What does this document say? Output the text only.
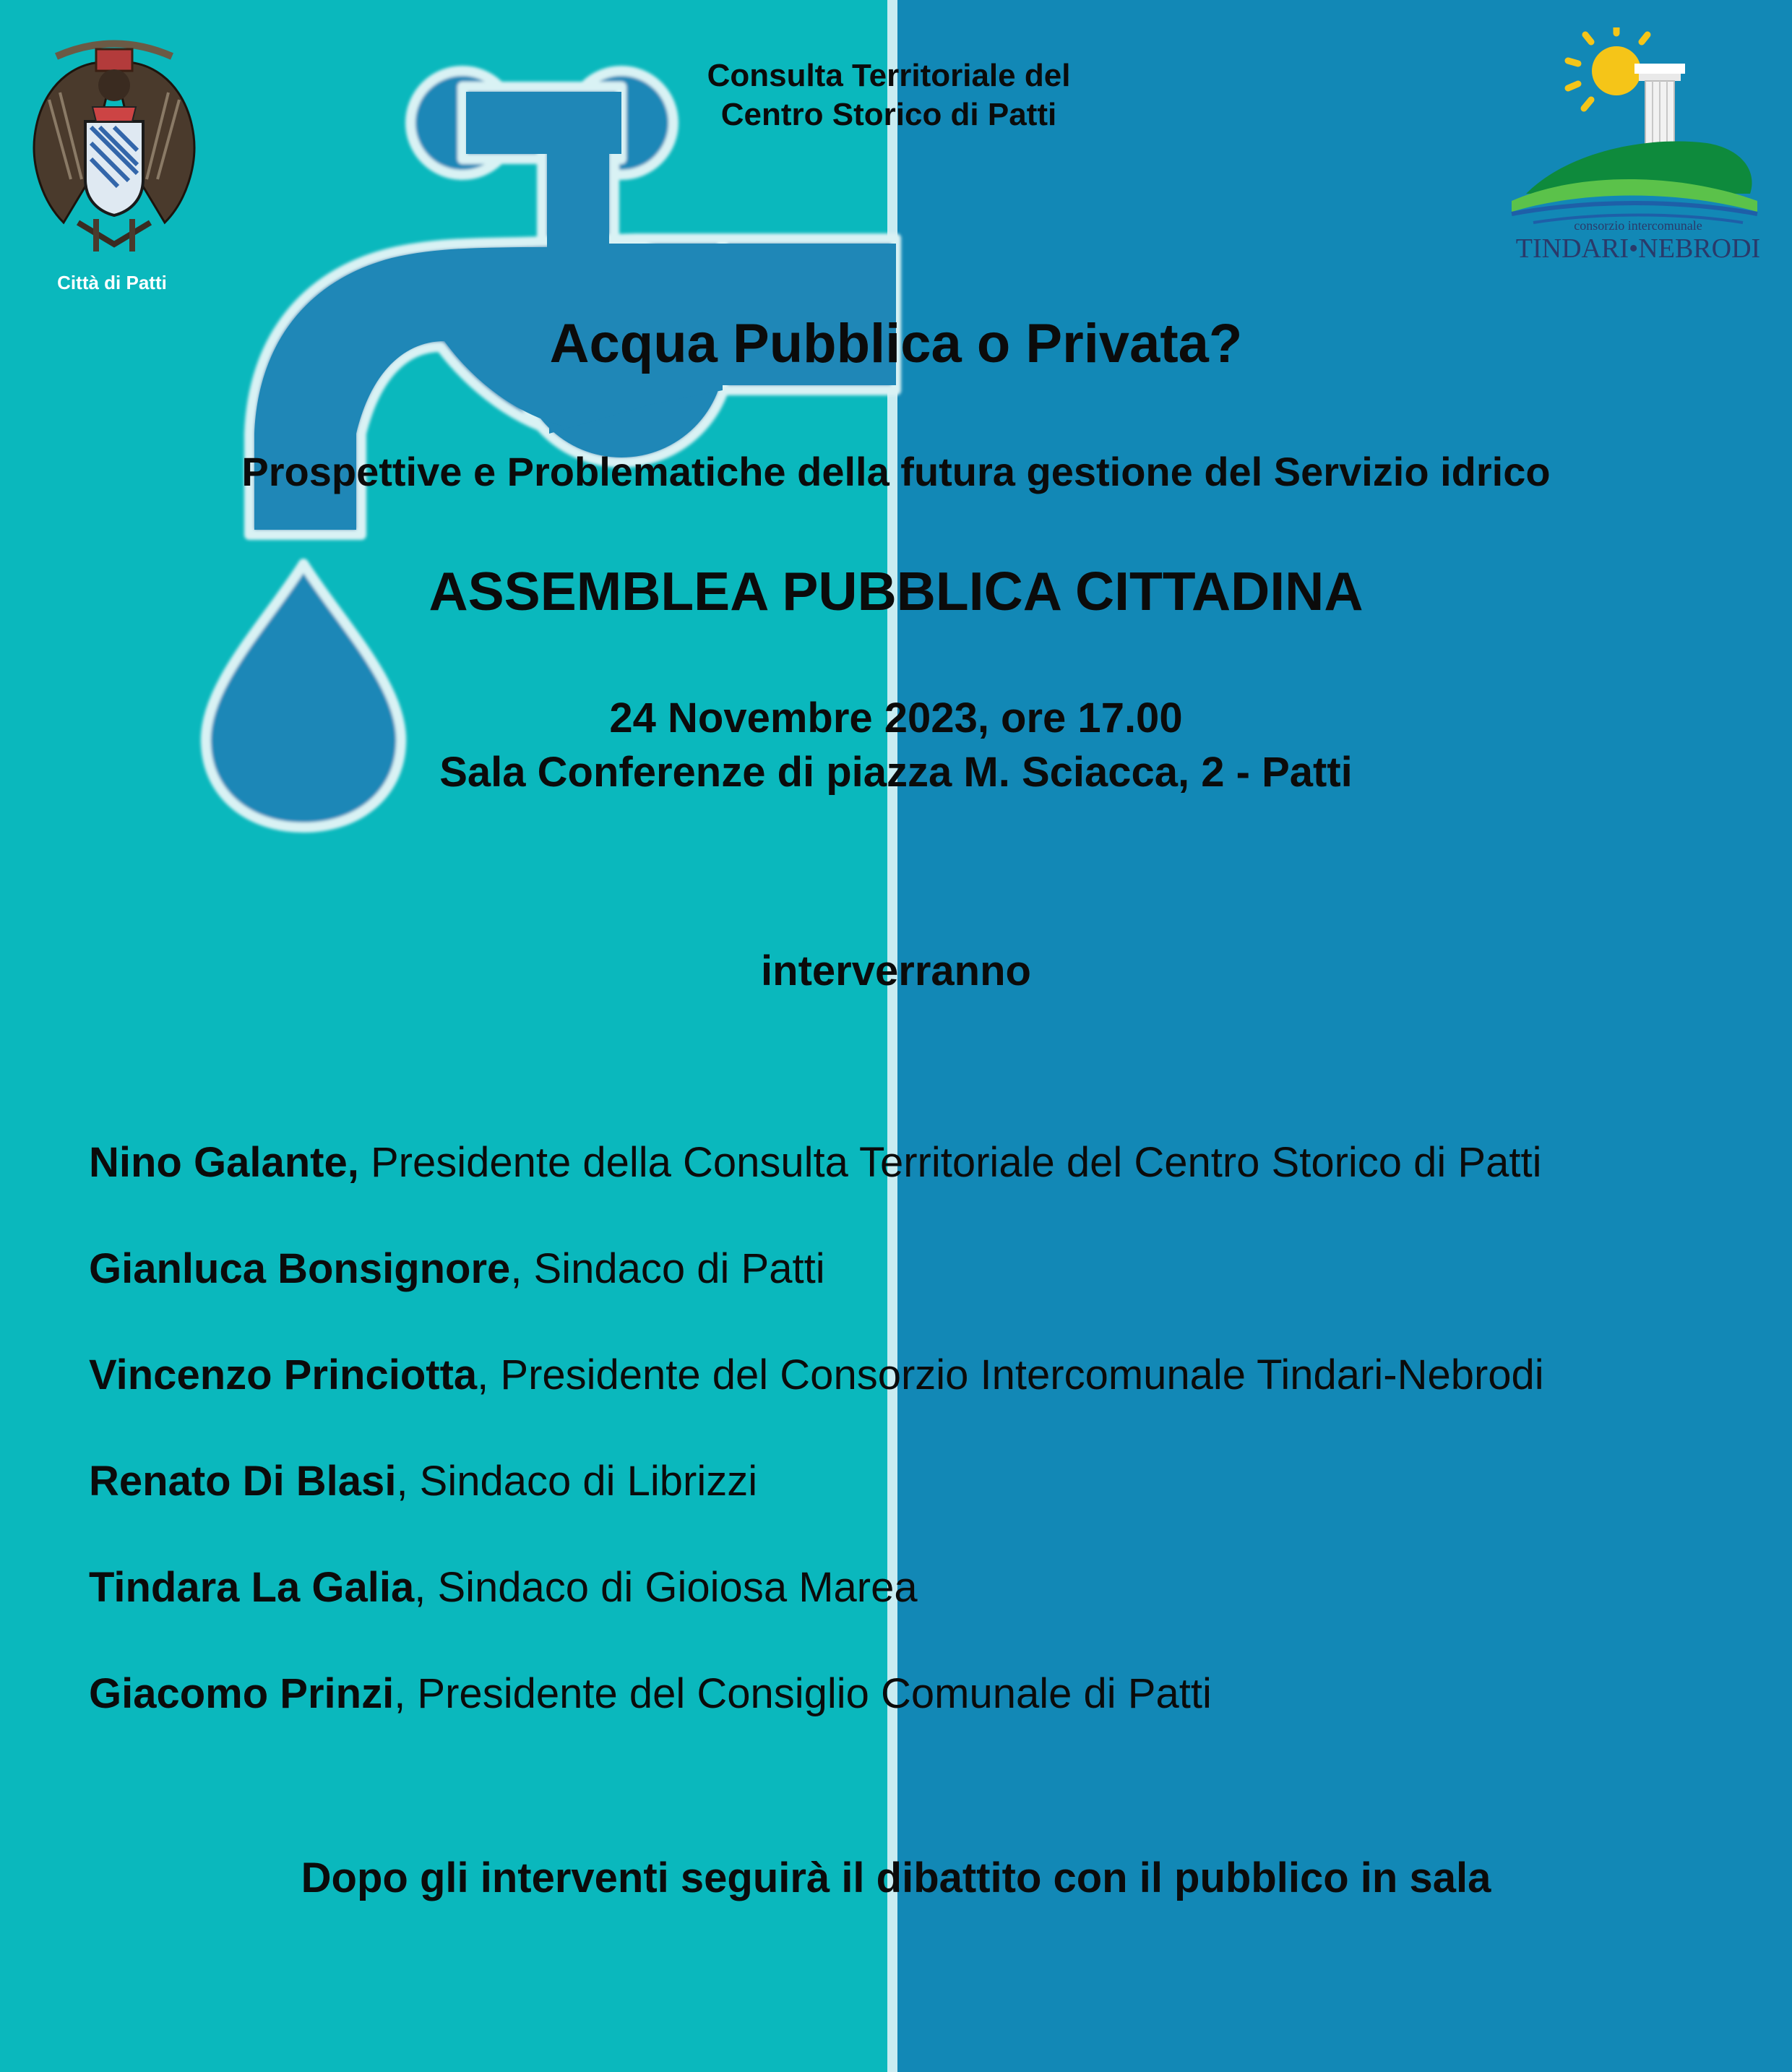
Città di Patti
consorzio intercomunale
TINDARI•NEBRODI
Consulta Territoriale del
Centro Storico di Patti
Acqua Pubblica o Privata?
Prospettive e Problematiche della futura gestione del Servizio idrico
ASSEMBLEA PUBBLICA CITTADINA
24 Novembre 2023, ore 17.00
Sala Conferenze di piazza M. Sciacca, 2 - Patti
interverranno
Nino Galante, Presidente della Consulta Territoriale del Centro Storico di Patti
Gianluca Bonsignore, Sindaco di Patti
Vincenzo Princiotta, Presidente del Consorzio Intercomunale Tindari-Nebrodi
Renato Di Blasi, Sindaco di Librizzi
Tindara La Galia, Sindaco di Gioiosa Marea
Giacomo Prinzi, Presidente del Consiglio Comunale di Patti
Dopo gli interventi seguirà il dibattito con il pubblico in sala
